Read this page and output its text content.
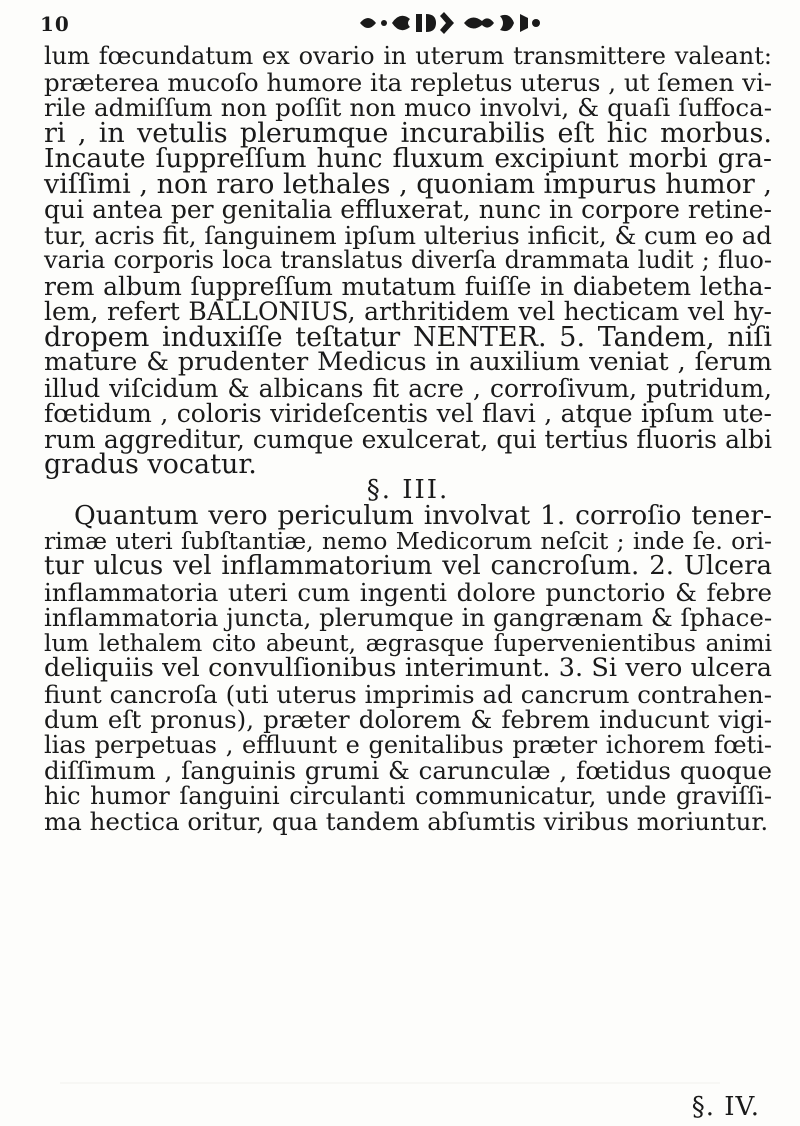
10
lum fœcundatum ex ovario in uterum transmittere valeant:
præterea mucoſo humore ita repletus uterus , ut ſemen vi-
rile admiſſum non poſſit non muco involvi, & quaſi ſuffoca-
ri , in vetulis plerumque incurabilis eſt hic morbus.
Incaute ſuppreſſum hunc fluxum excipiunt morbi gra-
viſſimi , non raro lethales , quoniam impurus humor ,
qui antea per genitalia effluxerat, nunc in corpore retine-
tur, acris fit, ſanguinem ipſum ulterius inficit, & cum eo ad
varia corporis loca translatus diverſa drammata ludit ; fluo-
rem album ſuppreſſum mutatum fuiſſe in diabetem letha-
lem, refert BALLONIUS, arthritidem vel hecticam vel hy-
dropem induxiſſe teſtatur NENTER. 5. Tandem, niſi
mature & prudenter Medicus in auxilium veniat , ſerum
illud viſcidum & albicans fit acre , corroſivum, putridum,
fœtidum , coloris virideſcentis vel flavi , atque ipſum ute-
rum aggreditur, cumque exulcerat, qui tertius fluoris albi
gradus vocatur.
§. III.
Quantum vero periculum involvat 1. corroſio tener-
rimæ uteri ſubſtantiæ, nemo Medicorum neſcit ; inde ſe. ori-
tur ulcus vel inflammatorium vel cancroſum. 2. Ulcera
inflammatoria uteri cum ingenti dolore punctorio & febre
inflammatoria juncta, plerumque in gangrænam & ſphace-
lum lethalem cito abeunt, ægrasque ſupervenientibus animi
deliquiis vel convulſionibus interimunt. 3. Si vero ulcera
fiunt cancroſa (uti uterus imprimis ad cancrum contrahen-
dum eſt pronus), præter dolorem & febrem inducunt vigi-
lias perpetuas , effluunt e genitalibus præter ichorem fœti-
diſſimum , ſanguinis grumi & carunculæ , fœtidus quoque
hic humor ſanguini circulanti communicatur, unde graviſſi-
ma hectica oritur, qua tandem abſumtis viribus moriuntur.
§. IV.
